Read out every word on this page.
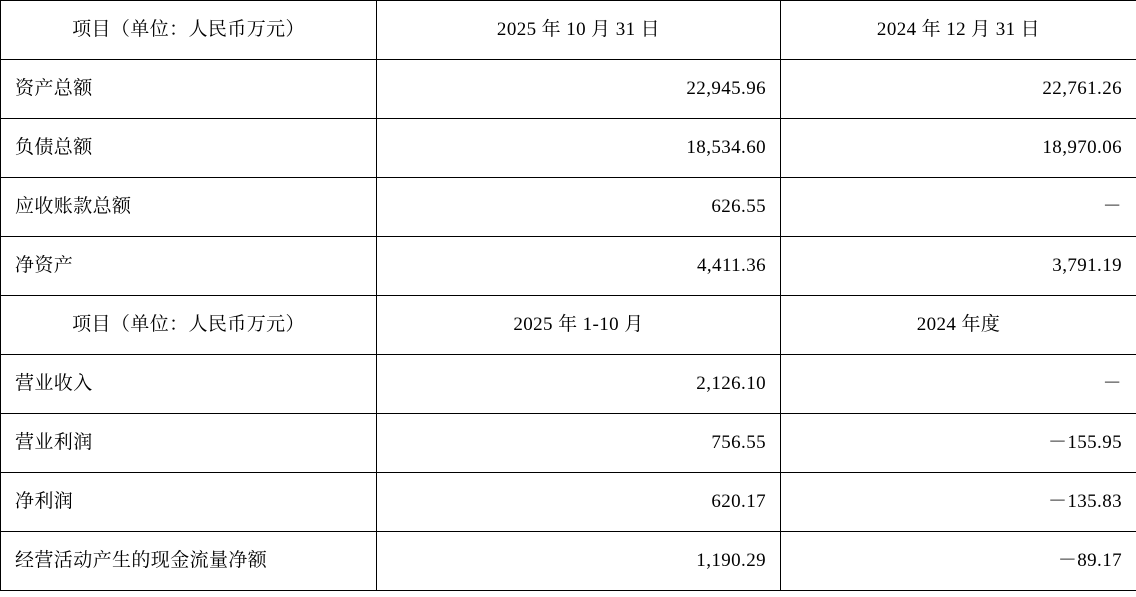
项目（单位：人民币万元）	2025 年 10 月 31 日	2024 年 12 月 31 日
资产总额	22,945.96	22,761.26
负债总额	18,534.60	18,970.06
应收账款总额	626.55	－
净资产	4,411.36	3,791.19
项目（单位：人民币万元）	2025 年 1-10 月	2024 年度
营业收入	2,126.10	－
营业利润	756.55	－155.95
净利润	620.17	－135.83
经营活动产生的现金流量净额	1,190.29	－89.17
